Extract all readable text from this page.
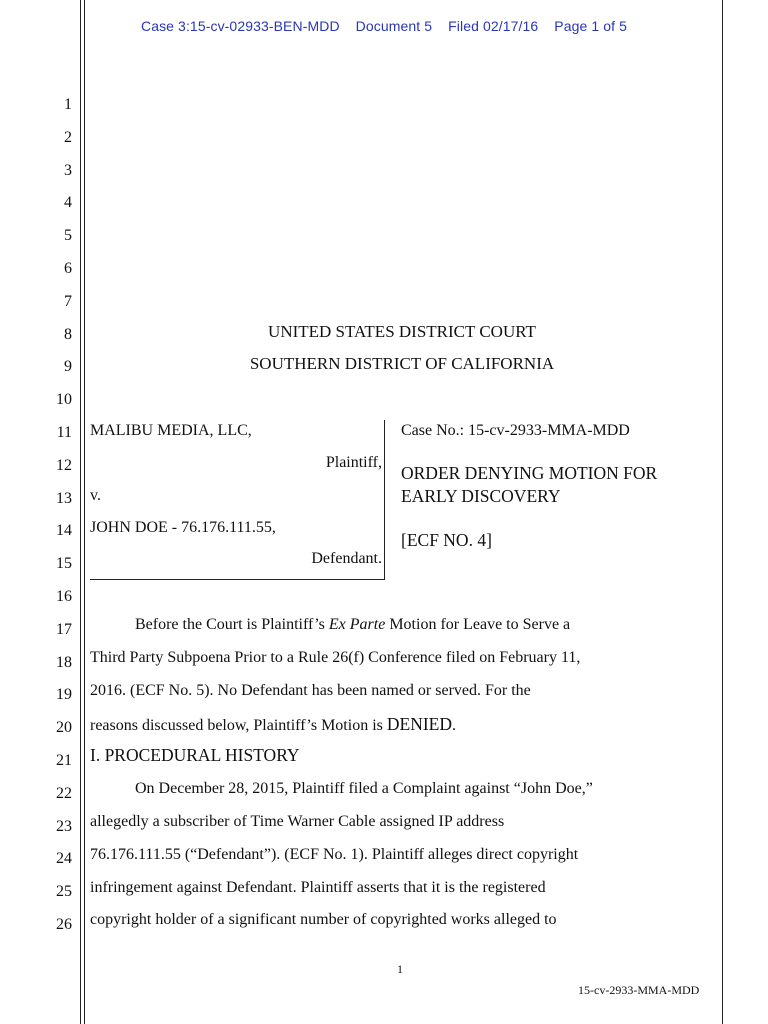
Case 3:15-cv-02933-BEN-MDD Document 5 Filed 02/17/16 Page 1 of 5
1
2
3
4
5
6
7
8
9
10
11
12
13
14
15
16
17
18
19
20
21
22
23
24
25
26
UNITED STATES DISTRICT COURT
SOUTHERN DISTRICT OF CALIFORNIA
MALIBU MEDIA, LLC,
Plaintiff,
v.
JOHN DOE - 76.176.111.55,
Defendant.
Case No.: 15-cv-2933-MMA-MDD
ORDER DENYING MOTION FOR
EARLY DISCOVERY
[ECF NO. 4]
Before the Court is Plaintiff’s Ex Parte Motion for Leave to Serve a
Third Party Subpoena Prior to a Rule 26(f) Conference filed on February 11,
2016. (ECF No. 5). No Defendant has been named or served. For the
reasons discussed below, Plaintiff’s Motion is DENIED.
I. PROCEDURAL HISTORY
On December 28, 2015, Plaintiff filed a Complaint against “John Doe,”
allegedly a subscriber of Time Warner Cable assigned IP address
76.176.111.55 (“Defendant”). (ECF No. 1). Plaintiff alleges direct copyright
infringement against Defendant. Plaintiff asserts that it is the registered
copyright holder of a significant number of copyrighted works alleged to
1
15-cv-2933-MMA-MDD
